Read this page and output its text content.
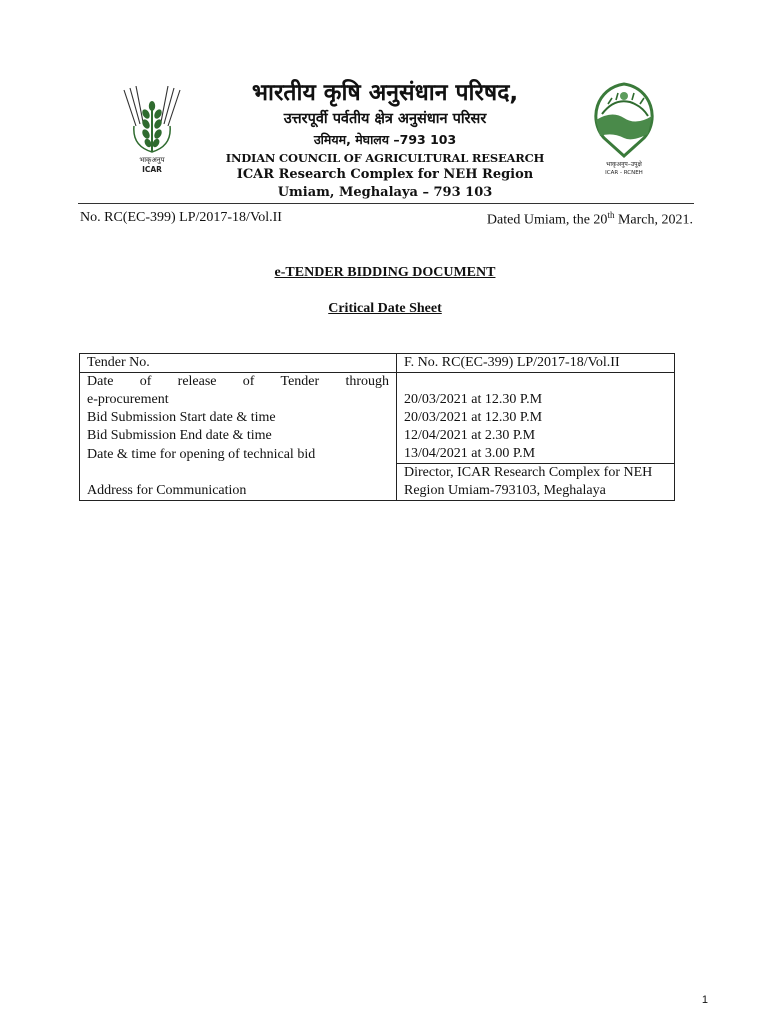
भाकृअनुप
ICAR
भारतीय कृषि अनुसंधान परिषद,
उत्तरपूर्वी पर्वतीय क्षेत्र अनुसंधान परिसर
उमियम, मेघालय –793 103
INDIAN COUNCIL OF AGRICULTURAL RESEARCH
ICAR Research Complex for NEH Region
Umiam, Meghalaya – 793 103
भाकृअनुप–उपूक्षे
ICAR - RCNEH
No. RC(EC-399) LP/2017-18/Vol.II	Dated Umiam, the 20th March, 2021.
e-TENDER BIDDING DOCUMENT
Critical Date Sheet
Tender No.	F. No. RC(EC-399) LP/2017-18/Vol.II

Date of release of Tender through
e-procurement	20/03/2021 at 12.30 P.M
Bid Submission Start date & time	20/03/2021 at 12.30 P.M
Bid Submission End date & time	12/04/2021 at 2.30 P.M
Date & time for opening of technical bid	13/04/2021 at 3.00 P.M
Address for Communication	Director, ICAR Research Complex for NEH
Region Umiam-793103, Meghalaya
1
